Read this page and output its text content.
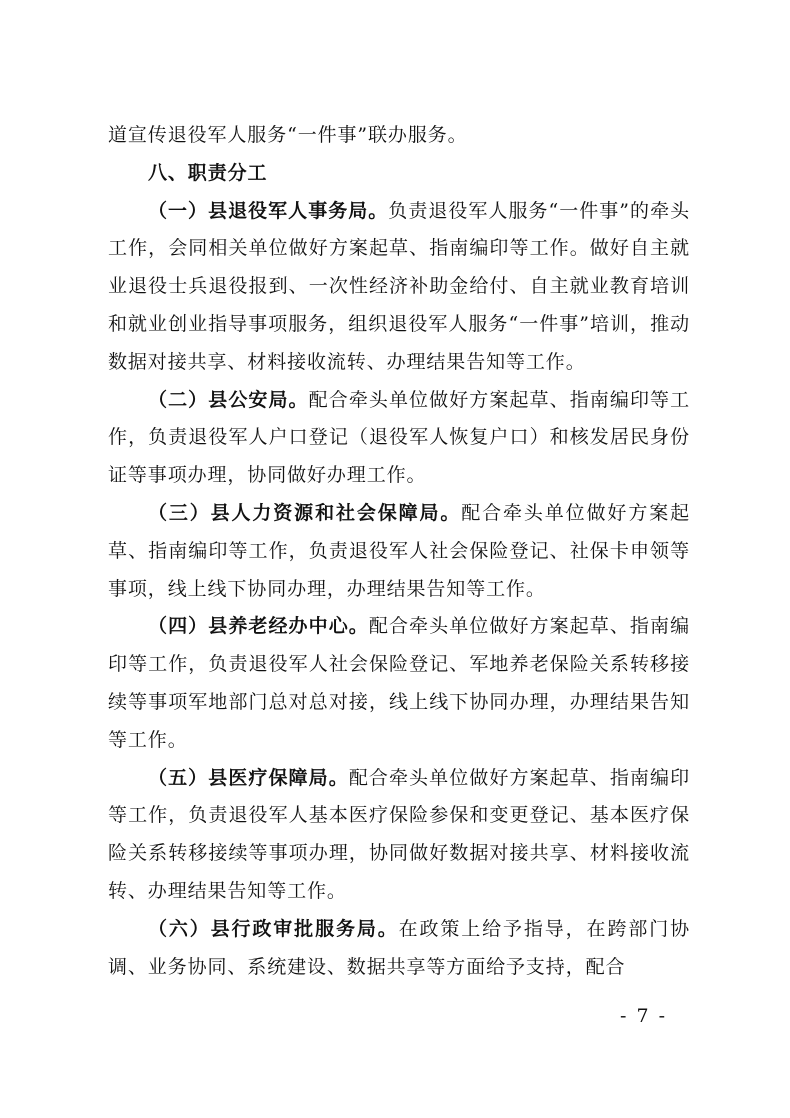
道宣传退役军人服务“一件事”联办服务。

八、职责分工

（一）县退役军人事务局。负责退役军人服务“一件事”的牵头工作，会同相关单位做好方案起草、指南编印等工作。做好自主就业退役士兵退役报到、一次性经济补助金给付、自主就业教育培训和就业创业指导事项服务，组织退役军人服务“一件事”培训，推动数据对接共享、材料接收流转、办理结果告知等工作。

（二）县公安局。配合牵头单位做好方案起草、指南编印等工作，负责退役军人户口登记（退役军人恢复户口）和核发居民身份证等事项办理，协同做好办理工作。

（三）县人力资源和社会保障局。配合牵头单位做好方案起草、指南编印等工作，负责退役军人社会保险登记、社保卡申领等事项，线上线下协同办理，办理结果告知等工作。

（四）县养老经办中心。配合牵头单位做好方案起草、指南编印等工作，负责退役军人社会保险登记、军地养老保险关系转移接续等事项军地部门总对总对接，线上线下协同办理，办理结果告知等工作。

（五）县医疗保障局。配合牵头单位做好方案起草、指南编印等工作，负责退役军人基本医疗保险参保和变更登记、基本医疗保险关系转移接续等事项办理，协同做好数据对接共享、材料接收流转、办理结果告知等工作。

（六）县行政审批服务局。在政策上给予指导，在跨部门协调、业务协同、系统建设、数据共享等方面给予支持，配合

- 7 -
